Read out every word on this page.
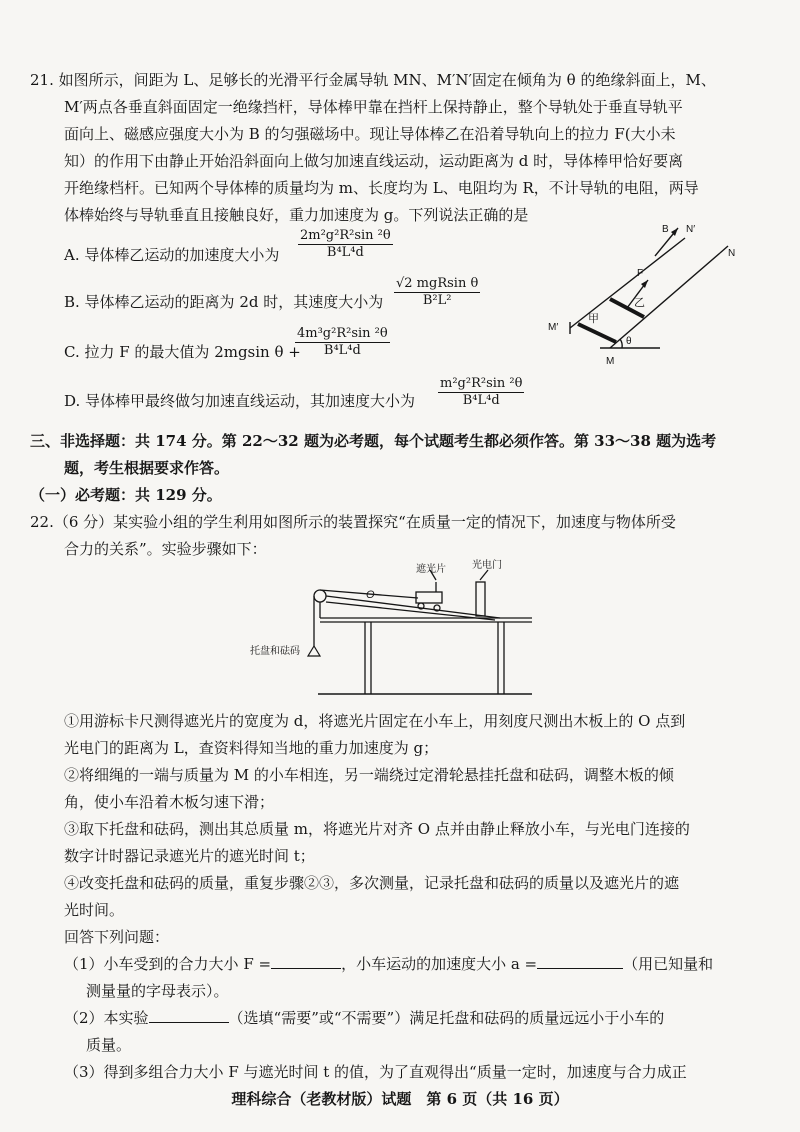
21. 如图所示，间距为 L、足够长的光滑平行金属导轨 MN、M′N′固定在倾角为 θ 的绝缘斜面上，M、
M′两点各垂直斜面固定一绝缘挡杆，导体棒甲靠在挡杆上保持静止，整个导轨处于垂直导轨平
面向上、磁感应强度大小为 B 的匀强磁场中。现让导体棒乙在沿着导轨向上的拉力 F(大小未
知）的作用下由静止开始沿斜面向上做匀加速直线运动，运动距离为 d 时，导体棒甲恰好要离
开绝缘档杆。已知两个导体棒的质量均为 m、长度均为 L、电阻均为 R，不计导轨的电阻，两导
体棒始终与导轨垂直且接触良好，重力加速度为 g。下列说法正确的是
A. 导体棒乙运动的加速度大小为 $\frac{\text{2m²g²R²sin ²θ}}{\text{B⁴L⁴d}}$
B. 导体棒乙运动的距离为 2d 时，其速度大小为
√2 mgRsin θ
B²L²
C. 拉力 F 的最大值为 2mgsin θ +
$\frac{\text{4m³g²R²sin ²θ}}{\text{B⁴L⁴d}}$
D. 导体棒甲最终做匀加速直线运动，其加速度大小为 $\frac{\text{m²g²R²sin ²θ}}{\text{B⁴L⁴d}}$
B N′
N
F
乙
甲
M′
M
θ
三、非选择题：共 174 分。第 22～32 题为必考题，每个试题考生都必须作答。第 33～38 题为选考
题，考生根据要求作答。
（一）必考题：共 129 分。
22.（6 分）某实验小组的学生利用如图所示的装置探究“在质量一定的情况下，加速度与物体所受
合力的关系”。实验步骤如下：
O
遮光片	光电门
托盘和砝码
①用游标卡尺测得遮光片的宽度为 d，将遮光片固定在小车上，用刻度尺测出木板上的 O 点到
光电门的距离为 L，查资料得知当地的重力加速度为 g；
②将细绳的一端与质量为 M 的小车相连，另一端绕过定滑轮悬挂托盘和砝码，调整木板的倾
角，使小车沿着木板匀速下滑；
③取下托盘和砝码，测出其总质量 m，将遮光片对齐 O 点并由静止释放小车，与光电门连接的
数字计时器记录遮光片的遮光时间 t；
④改变托盘和砝码的质量，重复步骤②③，多次测量，记录托盘和砝码的质量以及遮光片的遮
光时间。
回答下列问题：
（1）小车受到的合力大小 F =	，小车运动的加速度大小 a =	（用已知量和
测量量的字母表示）。
（2）本实验	（选填“需要”或“不需要”）满足托盘和砝码的质量远远小于小车的
质量。
（3）得到多组合力大小 F 与遮光时间 t 的值，为了直观得出“质量一定时，加速度与合力成正
理科综合（老教材版）试题　第 6 页（共 16 页）
